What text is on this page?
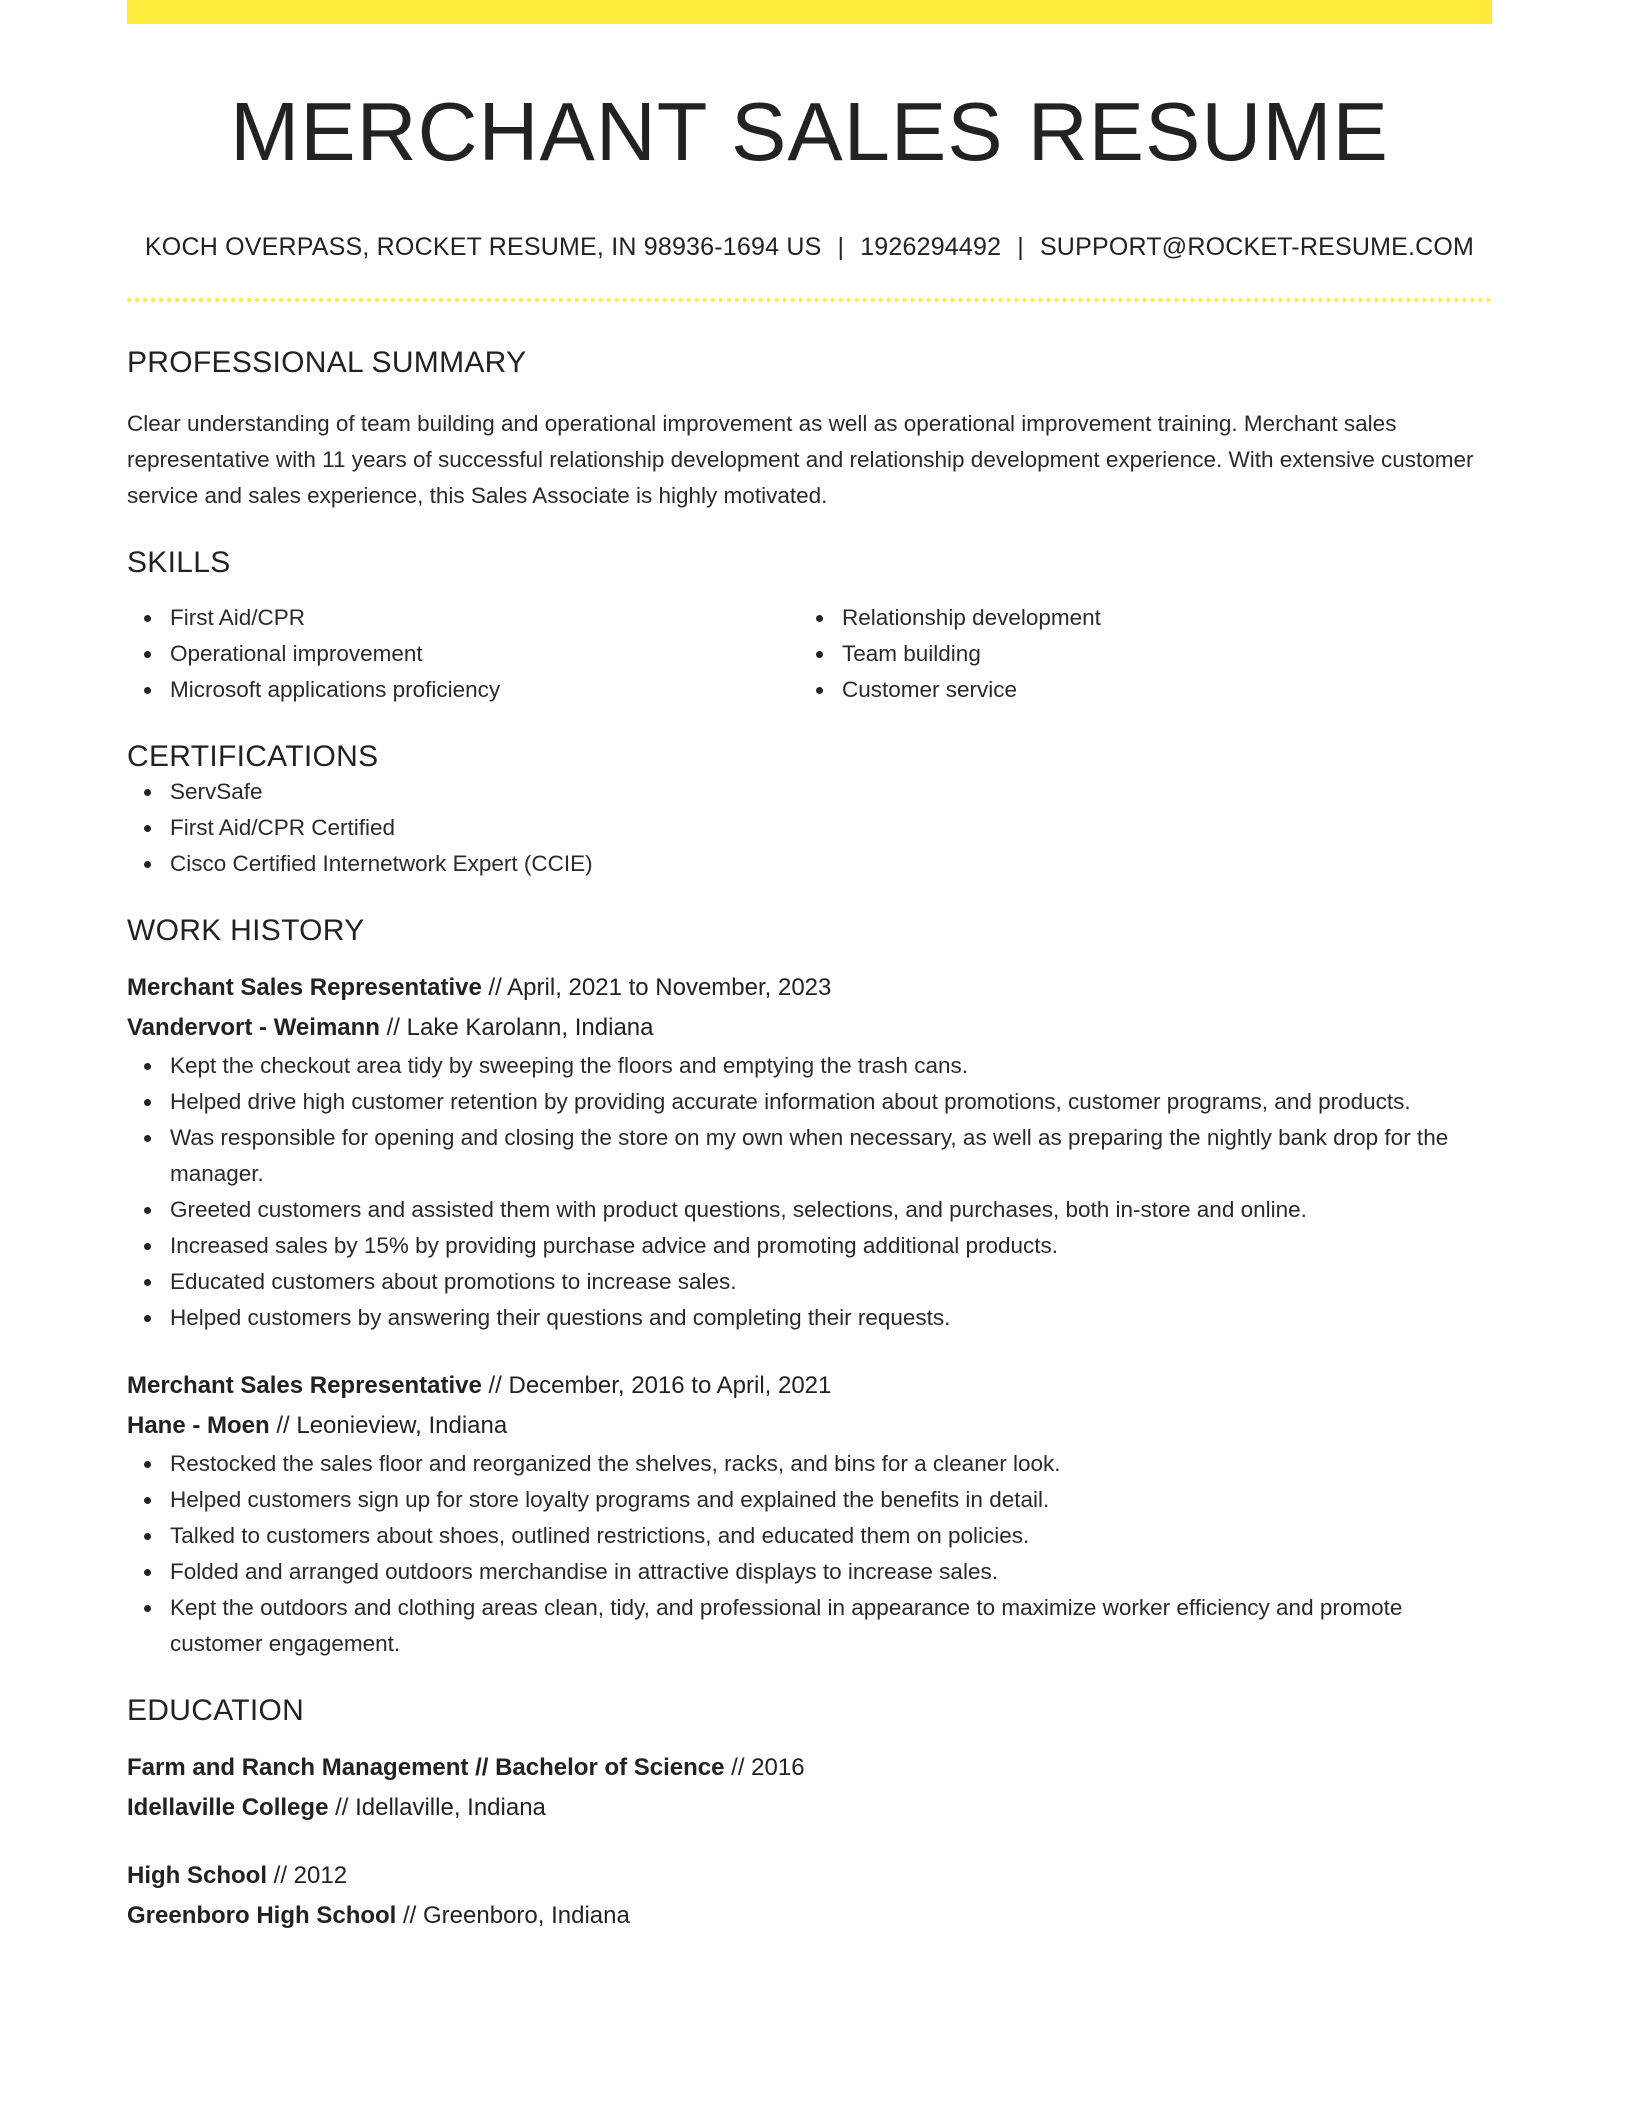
MERCHANT SALES RESUME
KOCH OVERPASS, ROCKET RESUME, IN 98936-1694 US | 1926294492 | SUPPORT@ROCKET-RESUME.COM
PROFESSIONAL SUMMARY

Clear understanding of team building and operational improvement as well as operational improvement training. Merchant sales representative with 11 years of successful relationship development and relationship development experience. With extensive customer service and sales experience, this Sales Associate is highly motivated.

SKILLS
First Aid/CPR
Operational improvement
Microsoft applications proficiency
Relationship development
Team building
Customer service
CERTIFICATIONS
ServSafe
First Aid/CPR Certified
Cisco Certified Internetwork Expert (CCIE)
WORK HISTORY
Merchant Sales Representative // April, 2021 to November, 2023
Vandervort - Weimann // Lake Karolann, Indiana
Kept the checkout area tidy by sweeping the floors and emptying the trash cans.
Helped drive high customer retention by providing accurate information about promotions, customer programs, and products.
Was responsible for opening and closing the store on my own when necessary, as well as preparing the nightly bank drop for the manager.
Greeted customers and assisted them with product questions, selections, and purchases, both in-store and online.
Increased sales by 15% by providing purchase advice and promoting additional products.
Educated customers about promotions to increase sales.
Helped customers by answering their questions and completing their requests.
Merchant Sales Representative // December, 2016 to April, 2021
Hane - Moen // Leonieview, Indiana
Restocked the sales floor and reorganized the shelves, racks, and bins for a cleaner look.
Helped customers sign up for store loyalty programs and explained the benefits in detail.
Talked to customers about shoes, outlined restrictions, and educated them on policies.
Folded and arranged outdoors merchandise in attractive displays to increase sales.
Kept the outdoors and clothing areas clean, tidy, and professional in appearance to maximize worker efficiency and promote customer engagement.
EDUCATION
Farm and Ranch Management // Bachelor of Science // 2016
Idellaville College // Idellaville, Indiana
High School // 2012
Greenboro High School // Greenboro, Indiana
